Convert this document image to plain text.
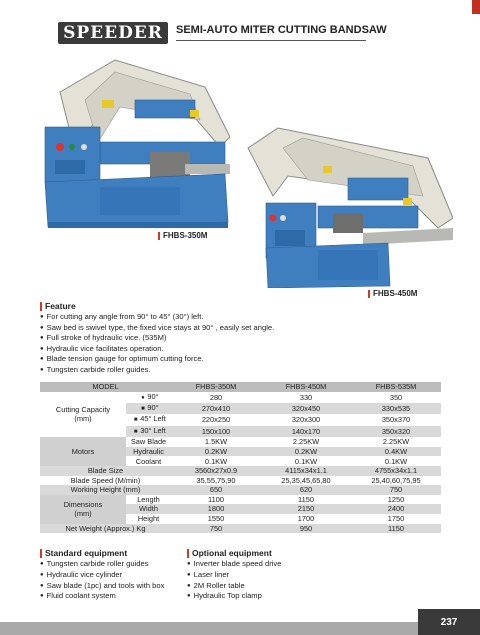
SPEEDER	SEMI-AUTO MITER CUTTING BANDSAW
FHBS-350M
FHBS-450M
Feature
● For cutting any angle from 90° to 45° (30°) left.
● Saw bed is swivel type, the fixed vice stays at 90° , easily set angle.
● Full stroke of hydraulic vice. (535M)
● Hydraulic vice facilitates operation.
● Blade tension gauge for optimum cutting force.
● Tungsten carbide roller guides.
MODEL		FHBS-350M	FHBS-450M	FHBS-535M

Cutting Capacity
(mm)	● 90°	280	330	350
	■ 90°	270x410	320x450	330x535
	■ 45° Left	220x250	320x300	350x370
	■ 30° Left	150x100	140x170	350x320
Motors	Saw Blade	1.5KW	2.25KW	2.25KW
	Hydraulic	0.2KW	0.2KW	0.4KW
	Coolant	0.1KW	0.1KW	0.1KW
Blade Size		3560x27x0.9	4115x34x1.1	4755x34x1.1
Blade Speed (M/min)		35,55,75,90	25,35,45,65,80	25,40,60,75,95
Working Height (mm)		650	620	750

Dimensions
(mm)	Length	1100	1150	1250
	Width	1800	2150	2400
	Height	1550	1700	1750
Net Weight (Approx.) Kg		750	950	1150
Standard equipment
● Tungsten carbide roller guides
● Hydraulic vice cylinder
● Saw blade (1pc) and tools with box
● Fluid coolant system
Optional equipment
● Inverter blade speed drive
● Laser liner
● 2M Roller table
● Hydraulic Top clamp
237
